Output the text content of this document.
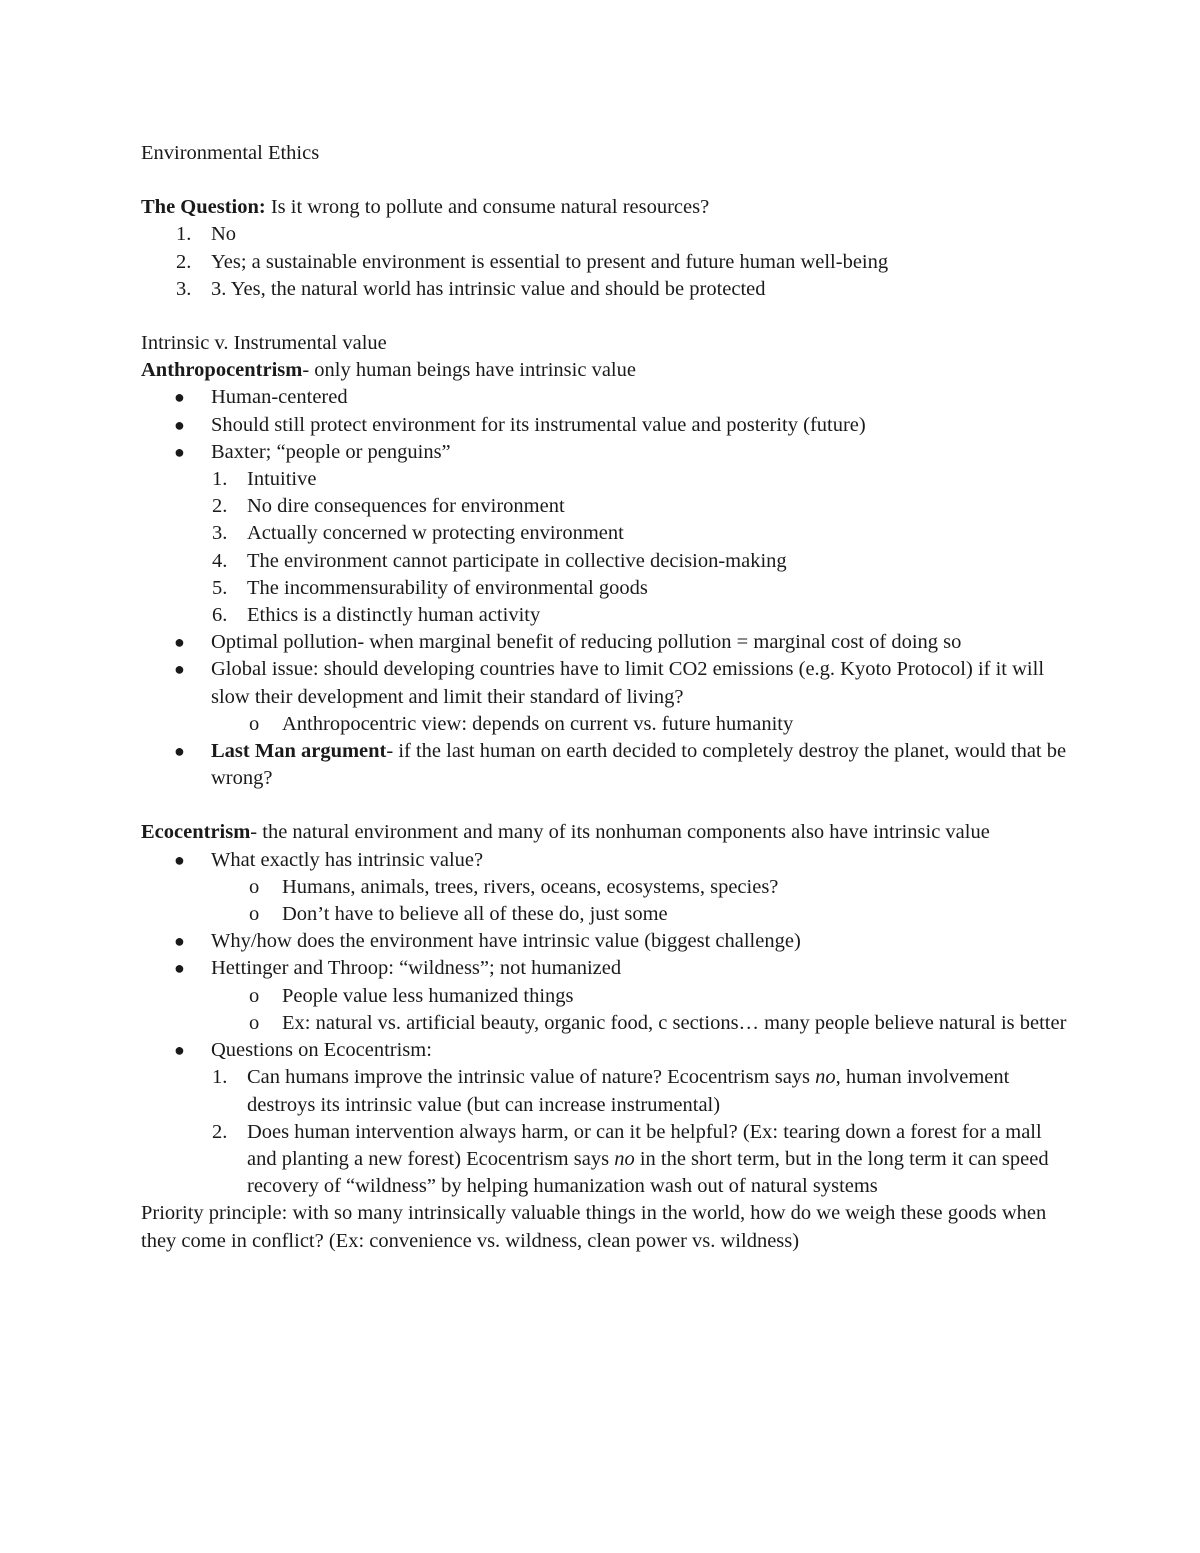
Environmental Ethics

The Question: Is it wrong to pollute and consume natural resources?

1. No
2. Yes; a sustainable environment is essential to present and future human well-being
3. 3. Yes, the natural world has intrinsic value and should be protected

Intrinsic v. Instrumental value

Anthropocentrism- only human beings have intrinsic value

● Human-centered
● Should still protect environment for its instrumental value and posterity (future)
● Baxter; “people or penguins”
1. Intuitive
2. No dire consequences for environment
3. Actually concerned w protecting environment
4. The environment cannot participate in collective decision-making
5. The incommensurability of environmental goods
6. Ethics is a distinctly human activity
● Optimal pollution- when marginal benefit of reducing pollution = marginal cost of doing so
● Global issue: should developing countries have to limit CO2 emissions (e.g. Kyoto Protocol) if it will slow their development and limit their standard of living?
o Anthropocentric view: depends on current vs. future humanity
● Last Man argument- if the last human on earth decided to completely destroy the planet, would that be wrong?

Ecocentrism- the natural environment and many of its nonhuman components also have intrinsic value

● What exactly has intrinsic value?
o Humans, animals, trees, rivers, oceans, ecosystems, species?
o Don’t have to believe all of these do, just some
● Why/how does the environment have intrinsic value (biggest challenge)
● Hettinger and Throop: “wildness”; not humanized
o People value less humanized things
o Ex: natural vs. artificial beauty, organic food, c sections… many people believe natural is better
● Questions on Ecocentrism:
1. Can humans improve the intrinsic value of nature? Ecocentrism says no, human involvement destroys its intrinsic value (but can increase instrumental)
2. Does human intervention always harm, or can it be helpful? (Ex: tearing down a forest for a mall and planting a new forest) Ecocentrism says no in the short term, but in the long term it can speed recovery of “wildness” by helping humanization wash out of natural systems

Priority principle: with so many intrinsically valuable things in the world, how do we weigh these goods when they come in conflict? (Ex: convenience vs. wildness, clean power vs. wildness)
